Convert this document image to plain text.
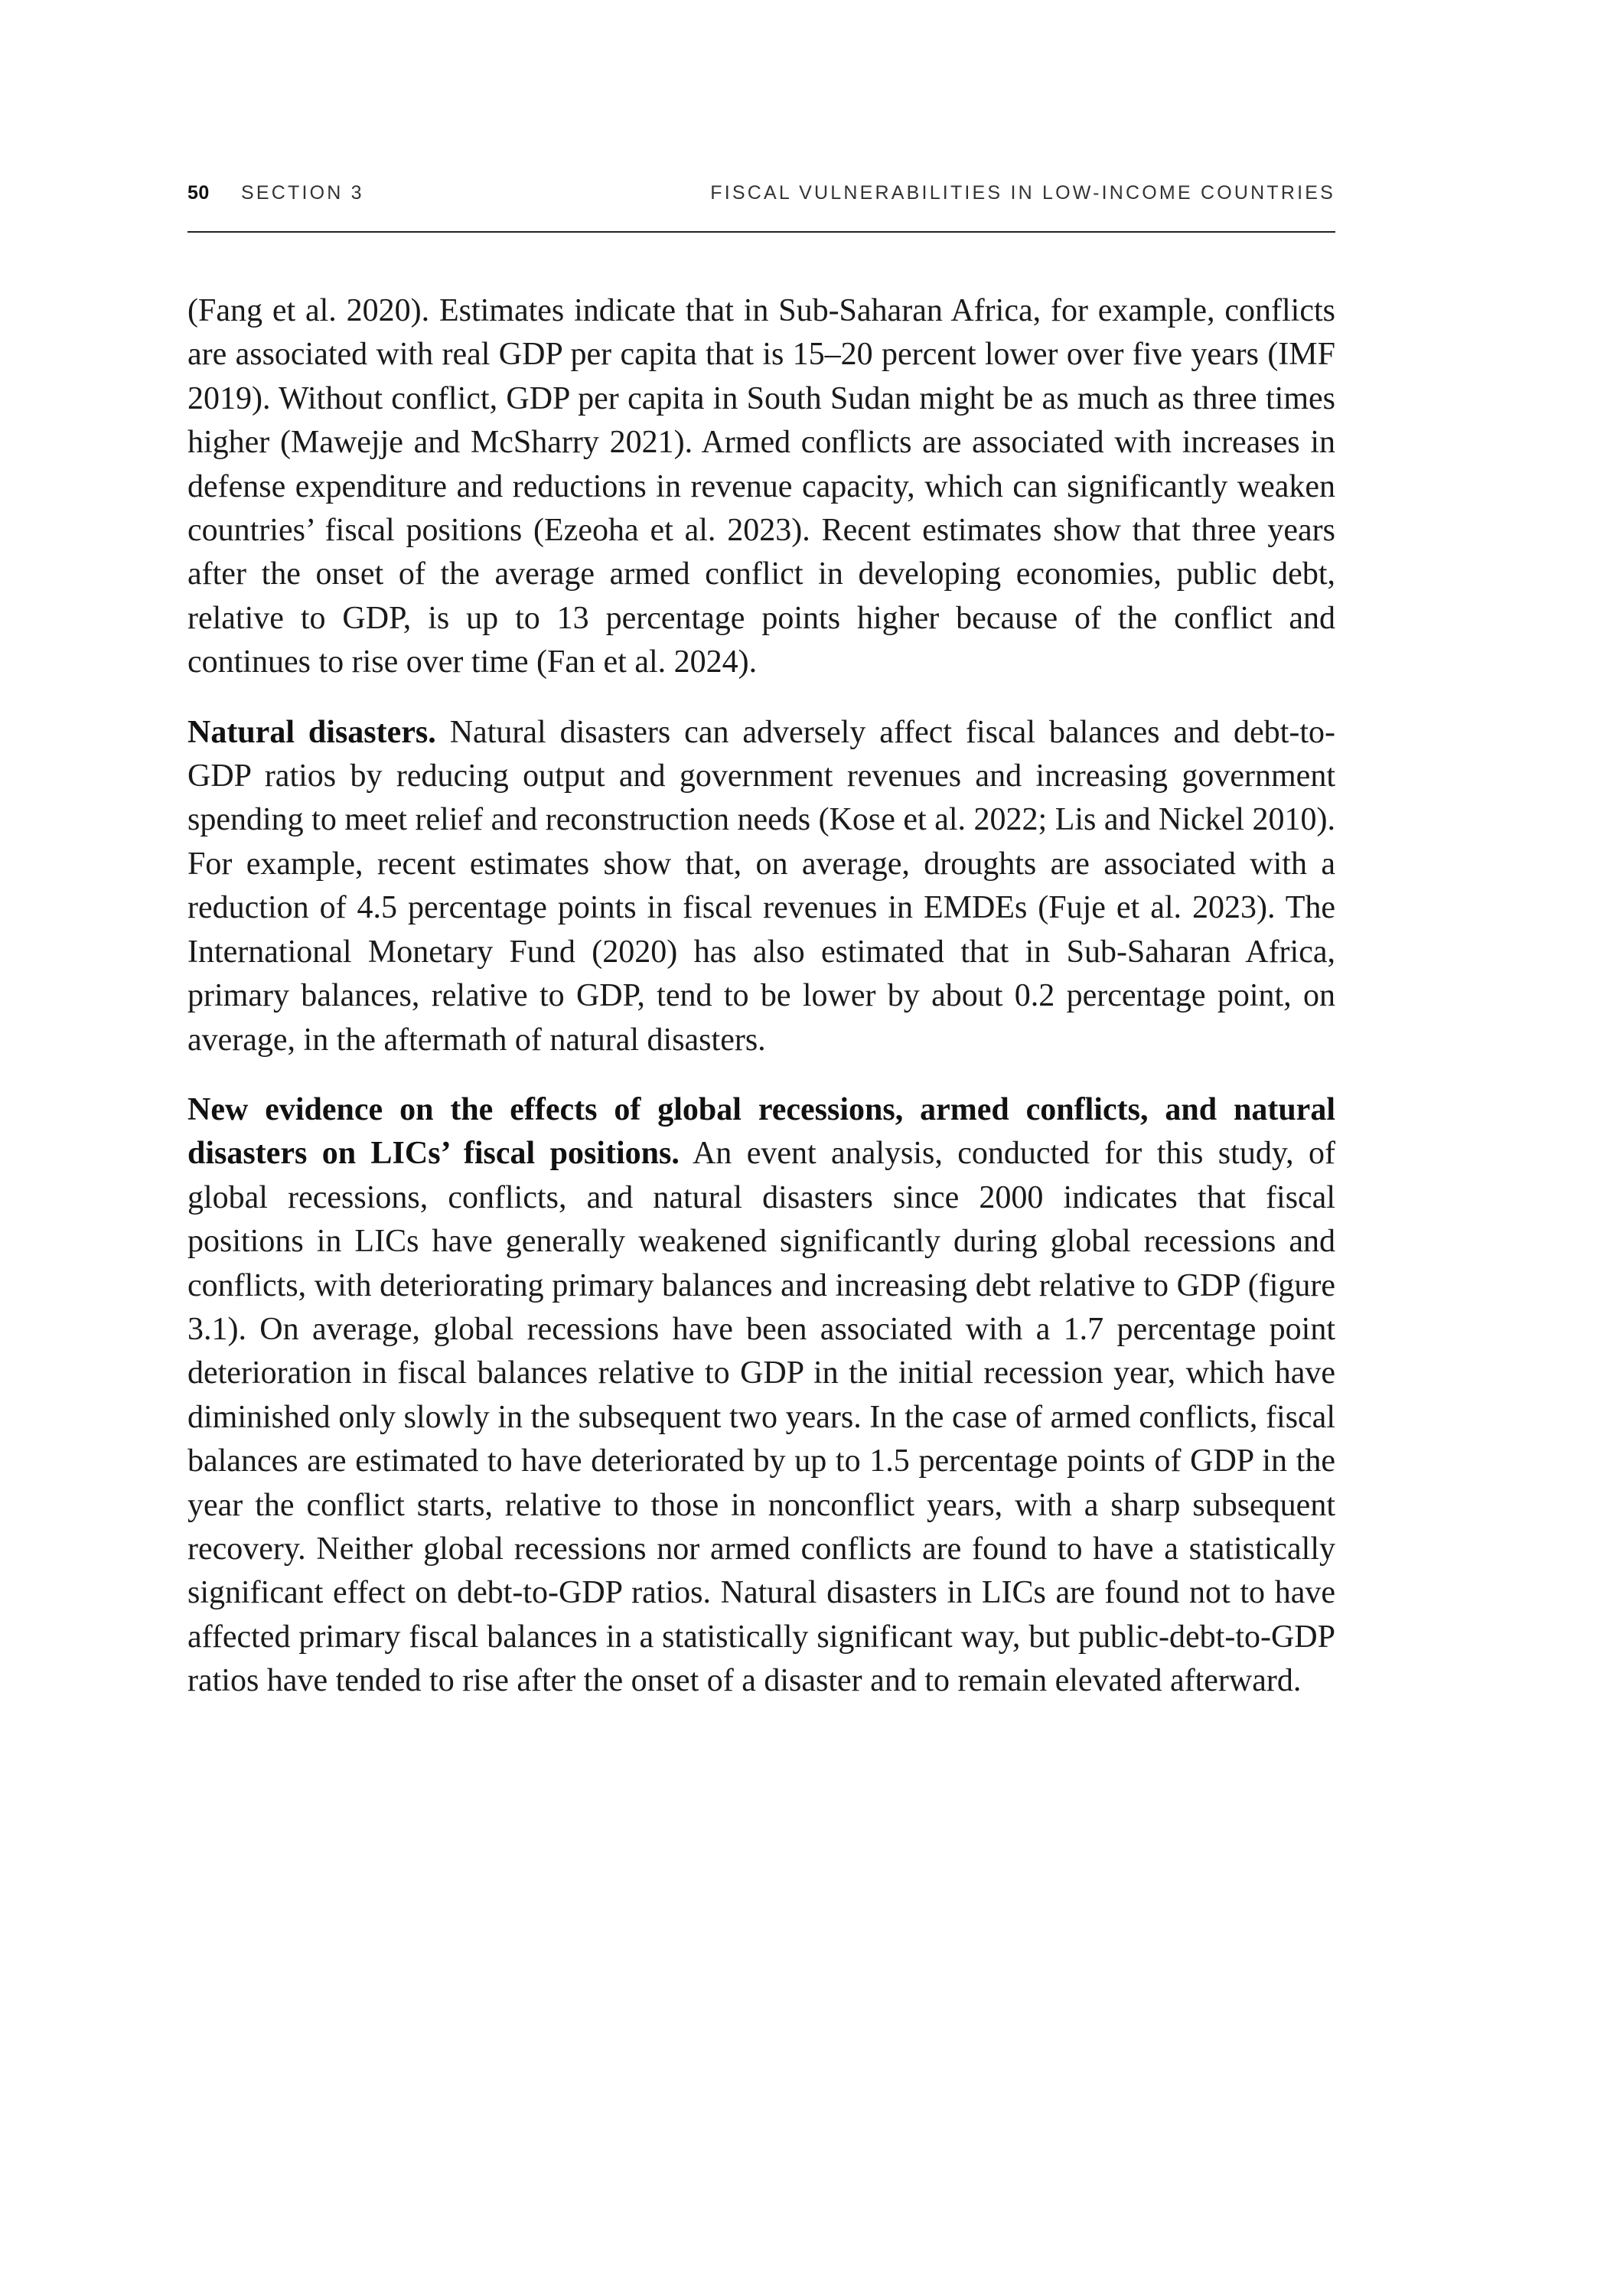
50 SECTION 3	FISCAL VULNERABILITIES IN LOW-INCOME COUNTRIES

(Fang et al. 2020). Estimates indicate that in Sub-Saharan Africa, for example, conflicts are associated with real GDP per capita that is 15–20 percent lower over five years (IMF 2019). Without conflict, GDP per capita in South Sudan might be as much as three times higher (Mawejje and McSharry 2021). Armed conflicts are associated with increases in defense expenditure and reductions in revenue capacity, which can significantly weaken countries’ fiscal positions (Ezeoha et al. 2023). Recent estimates show that three years after the onset of the average armed conflict in developing economies, public debt, relative to GDP, is up to 13 percentage points higher because of the conflict and continues to rise over time (Fan et al. 2024).

Natural disasters. Natural disasters can adversely affect fiscal balances and debt-to-GDP ratios by reducing output and government revenues and increasing government spending to meet relief and reconstruction needs (Kose et al. 2022; Lis and Nickel 2010). For example, recent estimates show that, on average, droughts are associated with a reduction of 4.5 percentage points in fiscal revenues in EMDEs (Fuje et al. 2023). The International Monetary Fund (2020) has also estimated that in Sub-Saharan Africa, primary balances, relative to GDP, tend to be lower by about 0.2 percentage point, on average, in the aftermath of natural disasters.

New evidence on the effects of global recessions, armed conflicts, and natural disasters on LICs’ fiscal positions. An event analysis, conducted for this study, of global recessions, conflicts, and natural disasters since 2000 indicates that fiscal positions in LICs have generally weakened significantly during global recessions and conflicts, with deteriorating primary balances and increasing debt relative to GDP (figure 3.1). On average, global recessions have been associated with a 1.7 percentage point deterioration in fiscal balances relative to GDP in the initial recession year, which have diminished only slowly in the subsequent two years. In the case of armed conflicts, fiscal balances are estimated to have deteriorated by up to 1.5 percentage points of GDP in the year the conflict starts, relative to those in nonconflict years, with a sharp subsequent recovery. Neither global recessions nor armed conflicts are found to have a statistically significant effect on debt-to-GDP ratios. Natural disasters in LICs are found not to have affected primary fiscal balances in a statistically significant way, but public-debt-to-GDP ratios have tended to rise after the onset of a disaster and to remain elevated afterward.
